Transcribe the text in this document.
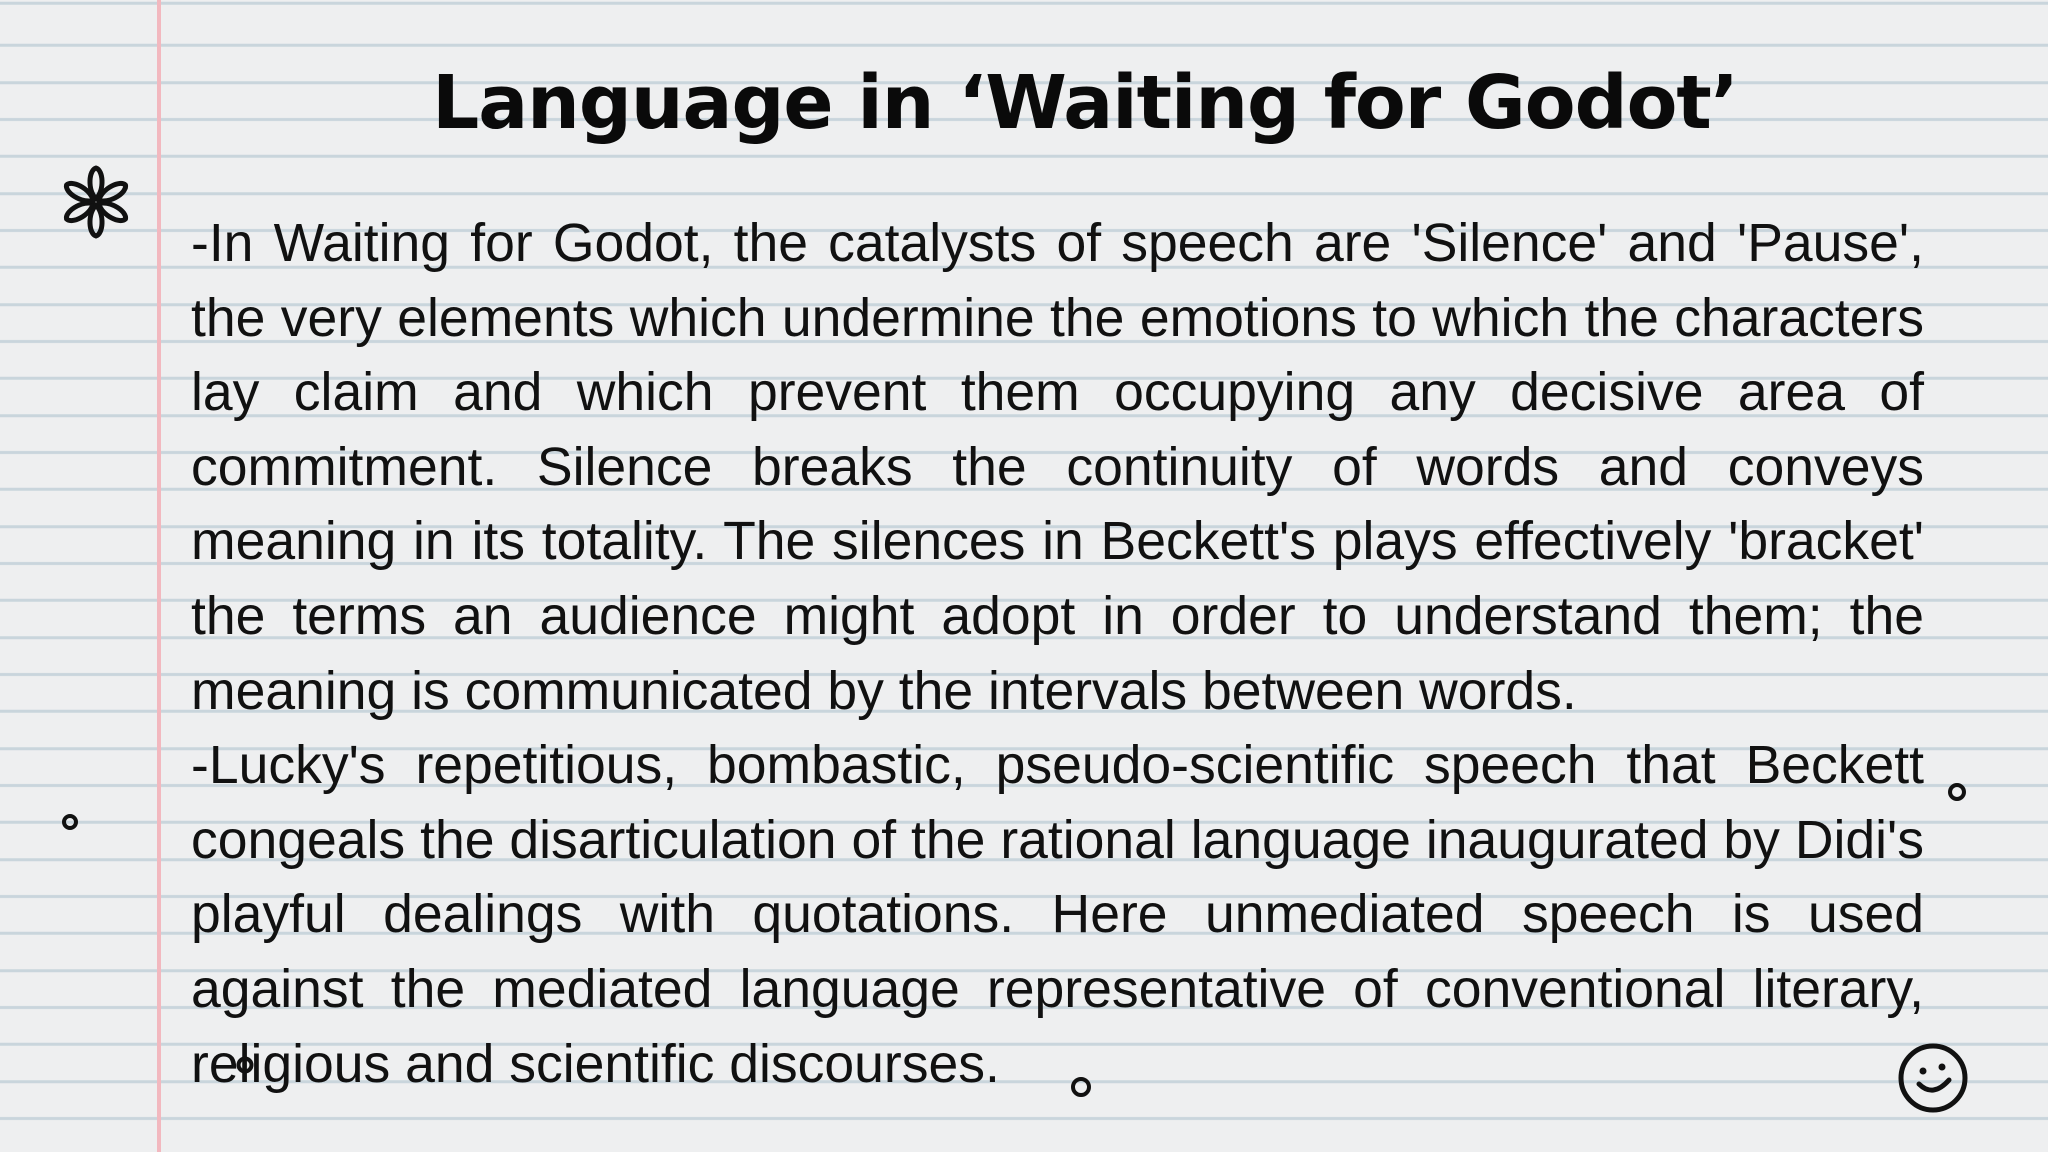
Language in ‘Waiting for Godot’

-In Waiting for Godot, the catalysts of speech are 'Silence' and 'Pause', the very elements which undermine the emotions to which the characters lay claim and which prevent them occupying any decisive area of commitment. Silence breaks the continuity of words and conveys meaning in its totality. The silences in Beckett's plays effectively 'bracket' the terms an audience might adopt in order to understand them; the meaning is communicated by the intervals between words.

-Lucky's repetitious, bombastic, pseudo-scientific speech that Beckett congeals the disarticulation of the rational language inaugurated by Didi's playful dealings with quotations. Here unmediated speech is used against the mediated language representative of conventional literary, religious and scientific discourses.
